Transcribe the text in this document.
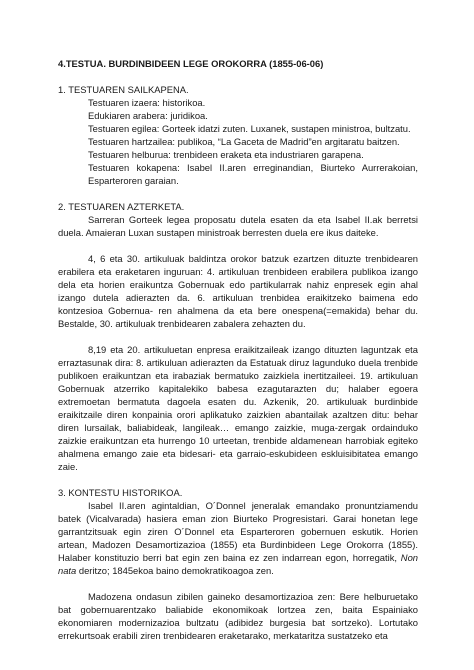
4.TESTUA. BURDINBIDEEN LEGE OROKORRA (1855-06-06)
1. TESTUAREN SAILKAPENA.
Testuaren izaera: historikoa.
Edukiaren arabera: juridikoa.
Testuaren egilea: Gorteek idatzi zuten. Luxanek, sustapen ministroa, bultzatu.
Testuaren hartzailea: publikoa, “La Gaceta de Madrid”en argitaratu baitzen.
Testuaren helburua: trenbideen eraketa eta industriaren garapena.
Testuaren kokapena: Isabel II.aren erreginandian, Biurteko Aurrerakoian, Esparteroren garaian.
2. TESTUAREN AZTERKETA.

Sarreran Gorteek legea proposatu dutela esaten da eta Isabel II.ak berretsi duela. Amaieran Luxan sustapen ministroak berresten duela ere ikus daiteke.

4, 6 eta 30. artikuluak baldintza orokor batzuk ezartzen dituzte trenbidearen erabilera eta eraketaren inguruan: 4. artikuluan trenbideen erabilera publikoa izango dela eta horien eraikuntza Gobernuak edo partikularrak nahiz enpresek egin ahal izango dutela adierazten da. 6. artikuluan trenbidea eraikitzeko baimena edo kontzesioa Gobernua- ren ahalmena da eta bere onespena(=emakida) behar du. Bestalde, 30. artikuluak trenbidearen zabalera zehazten du.

8,19 eta 20. artikuluetan enpresa eraikitzaileak izango dituzten laguntzak eta erraztasunak dira: 8. artikuluan adierazten da Estatuak diruz lagunduko duela trenbide publikoen eraikuntzan eta irabaziak bermatuko zaizkiela inertitzaileei. 19. artikuluan Gobernuak atzerriko kapitalekiko babesa ezagutarazten du; halaber egoera extremoetan bermatuta dagoela esaten du. Azkenik, 20. artikuluak burdinbide eraikitzaile diren konpainia orori aplikatuko zaizkien abantailak azaltzen ditu: behar diren lursailak, baliabideak, langileak… emango zaizkie, muga-zergak ordainduko zaizkie eraikuntzan eta hurrengo 10 urteetan, trenbide aldamenean harrobiak egiteko ahalmena emango zaie eta bidesari- eta garraio-eskubideen eskluisibitatea emango zaie.

3. KONTESTU HISTORIKOA.

Isabel II.aren agintaldian, O´Donnel jeneralak emandako pronuntziamendu batek (Vicalvarada) hasiera eman zion Biurteko Progresistari. Garai honetan lege garrantzitsuak egin ziren O´Donnel eta Esparteroren gobernuen eskutik. Horien artean, Madozen Desamortizazioa (1855) eta Burdinbideen Lege Orokorra (1855). Halaber konstituzio berri bat egin zen baina ez zen indarrean egon, horregatik, Non nata deritzo; 1845ekoa baino demokratikoagoa zen.

Madozena ondasun zibilen gaineko desamortizazioa zen: Bere helburuetako bat gobernuarentzako baliabide ekonomikoak lortzea zen, baita Espainiako ekonomiaren modernizazioa bultzatu (adibidez burgesia bat sortzeko). Lortutako errekurtsoak erabili ziren trenbidearen eraketarako, merkataritza sustatzeko eta
